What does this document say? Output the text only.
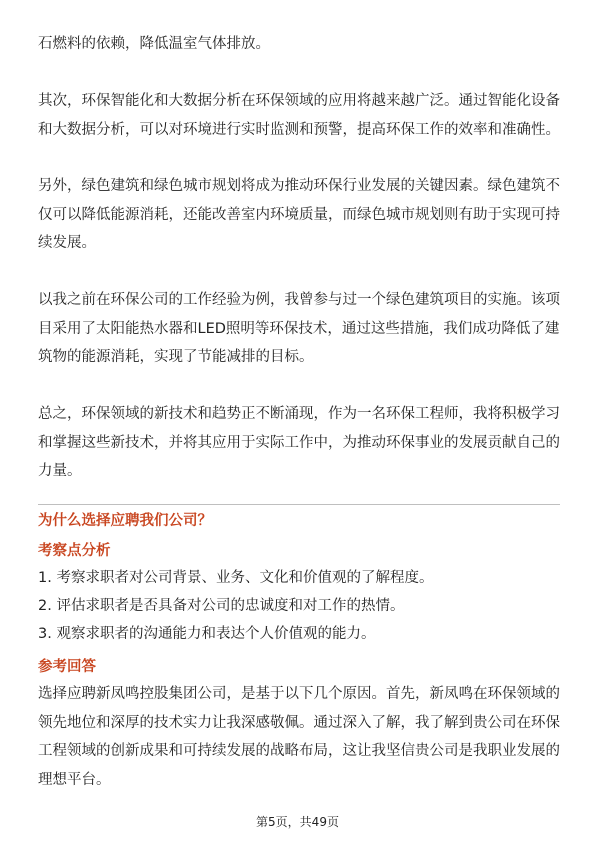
石燃料的依赖，降低温室气体排放。

其次，环保智能化和大数据分析在环保领域的应用将越来越广泛。通过智能化设备和大数据分析，可以对环境进行实时监测和预警，提高环保工作的效率和准确性。

另外，绿色建筑和绿色城市规划将成为推动环保行业发展的关键因素。绿色建筑不仅可以降低能源消耗，还能改善室内环境质量，而绿色城市规划则有助于实现可持续发展。

以我之前在环保公司的工作经验为例，我曾参与过一个绿色建筑项目的实施。该项目采用了太阳能热水器和LED照明等环保技术，通过这些措施，我们成功降低了建筑物的能源消耗，实现了节能减排的目标。

总之，环保领域的新技术和趋势正不断涌现，作为一名环保工程师，我将积极学习和掌握这些新技术，并将其应用于实际工作中，为推动环保事业的发展贡献自己的力量。

为什么选择应聘我们公司？

考察点分析

1. 考察求职者对公司背景、业务、文化和价值观的了解程度。

2. 评估求职者是否具备对公司的忠诚度和对工作的热情。

3. 观察求职者的沟通能力和表达个人价值观的能力。

参考回答

选择应聘新凤鸣控股集团公司，是基于以下几个原因。首先，新凤鸣在环保领域的领先地位和深厚的技术实力让我深感敬佩。通过深入了解，我了解到贵公司在环保工程领域的创新成果和可持续发展的战略布局，这让我坚信贵公司是我职业发展的理想平台。

第5页，共49页
